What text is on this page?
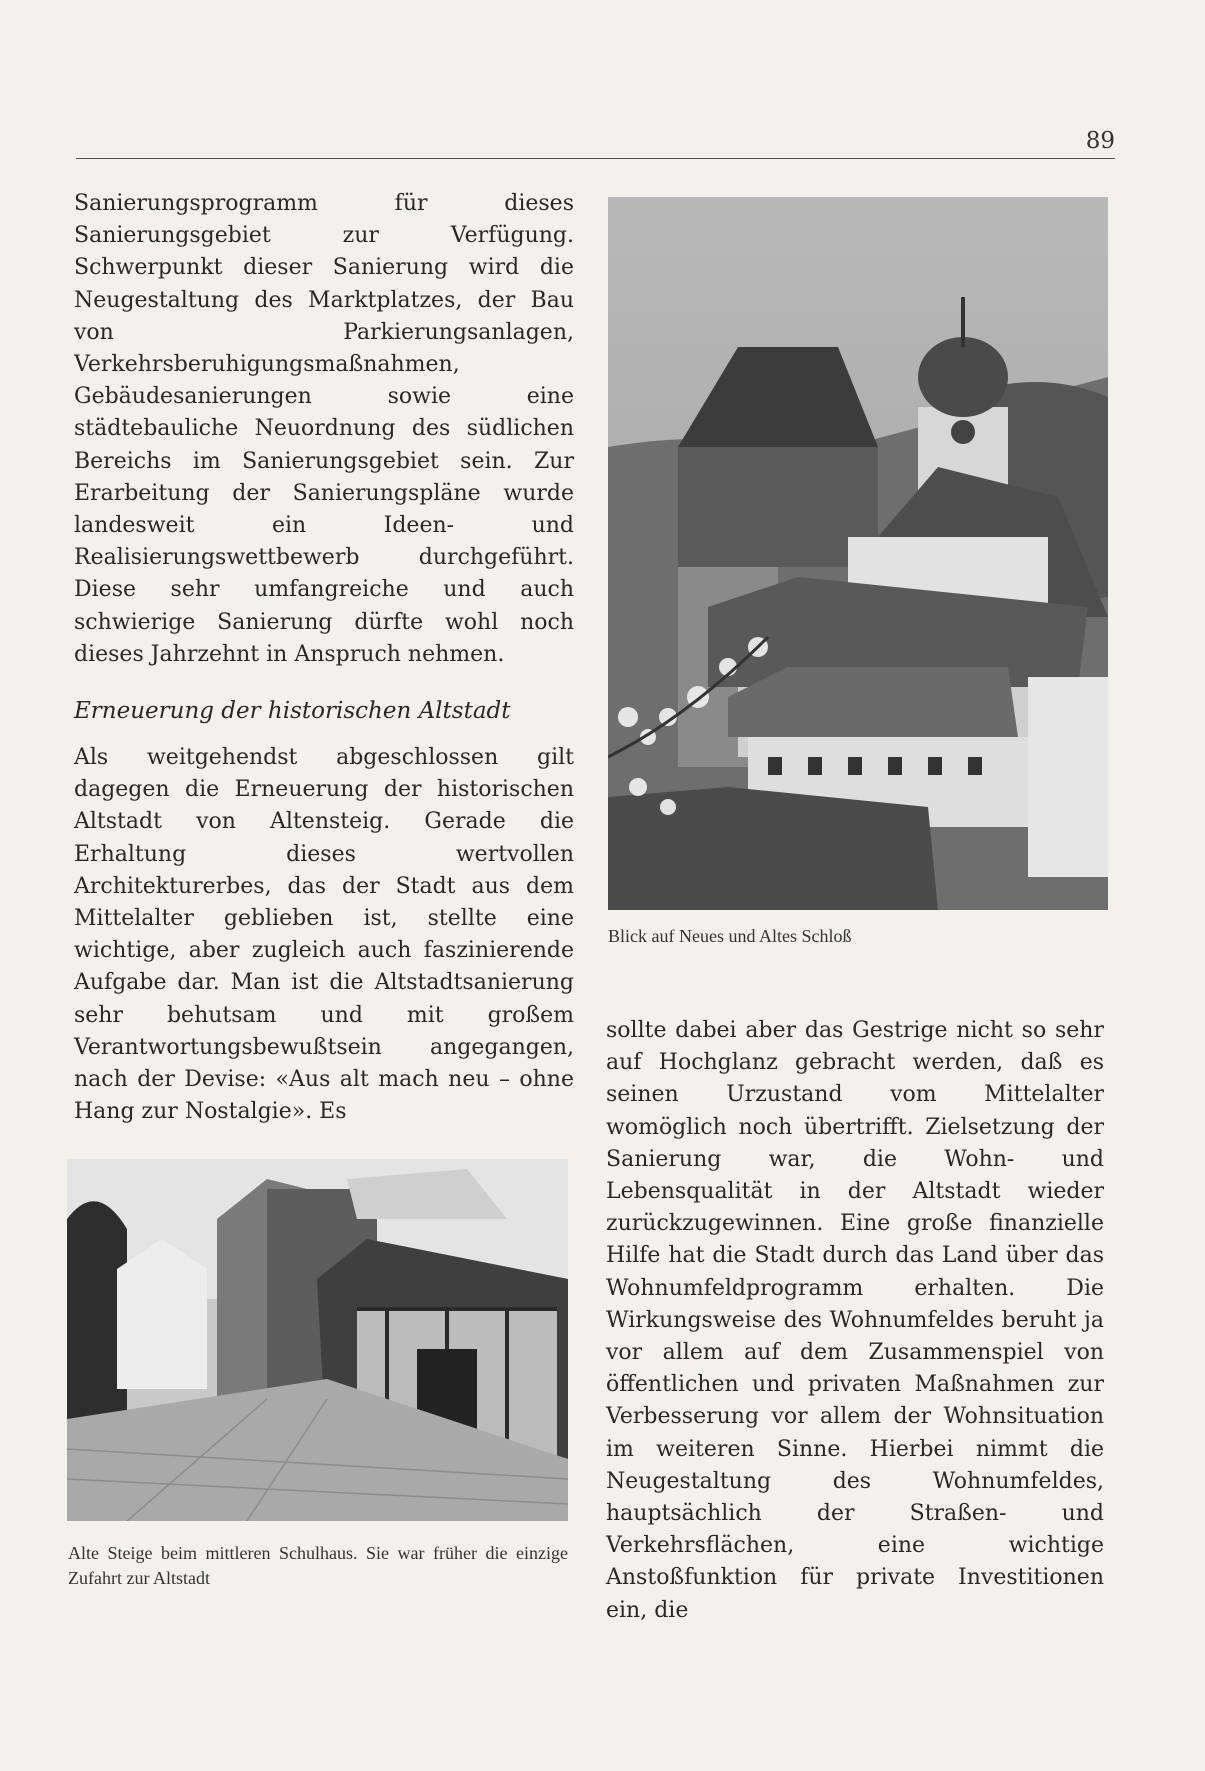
89

Sanierungsprogramm für dieses Sanierungsgebiet zur Verfügung. Schwerpunkt dieser Sanierung wird die Neugestaltung des Marktplatzes, der Bau von Parkierungsanlagen, Verkehrsberuhigungsmaßnahmen, Gebäudesanierungen sowie eine städtebauliche Neuordnung des südlichen Bereichs im Sanierungsgebiet sein. Zur Erarbeitung der Sanierungspläne wurde landesweit ein Ideen- und Realisierungswettbewerb durchgeführt. Diese sehr umfangreiche und auch schwierige Sanierung dürfte wohl noch dieses Jahrzehnt in Anspruch nehmen.

Erneuerung der historischen Altstadt
Als weitgehendst abgeschlossen gilt dagegen die Erneuerung der historischen Altstadt von Altensteig. Gerade die Erhaltung dieses wertvollen Architekturerbes, das der Stadt aus dem Mittelalter geblieben ist, stellte eine wichtige, aber zugleich auch faszinierende Aufgabe dar. Man ist die Altstadtsanierung sehr behutsam und mit großem Verantwortungsbewußtsein angegangen, nach der Devise: «Aus alt mach neu – ohne Hang zur Nostalgie». Es
Blick auf Neues und Altes Schloß
Alte Steige beim mittleren Schulhaus. Sie war früher die einzige Zufahrt zur Altstadt

sollte dabei aber das Gestrige nicht so sehr auf Hochglanz gebracht werden, daß es seinen Urzustand vom Mittelalter womöglich noch übertrifft. Zielsetzung der Sanierung war, die Wohn- und Lebensqualität in der Altstadt wieder zurückzugewinnen. Eine große finanzielle Hilfe hat die Stadt durch das Land über das Wohnumfeldprogramm erhalten. Die Wirkungsweise des Wohnumfeldes beruht ja vor allem auf dem Zusammenspiel von öffentlichen und privaten Maßnahmen zur Verbesserung vor allem der Wohnsituation im weiteren Sinne. Hierbei nimmt die Neugestaltung des Wohnumfeldes, hauptsächlich der Straßen- und Verkehrsflächen, eine wichtige Anstoßfunktion für private Investitionen ein, die
